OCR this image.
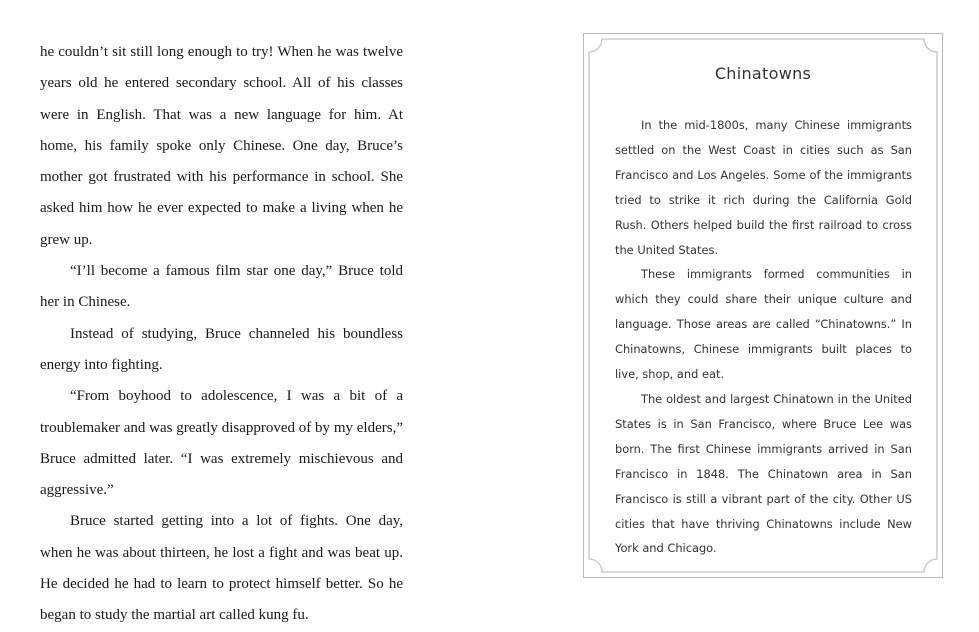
he couldn’t sit still long enough to try! When he was twelve years old he entered secondary school. All of his classes were in English. That was a new language for him. At home, his family spoke only Chinese. One day, Bruce’s mother got frustrated with his performance in school. She asked him how he ever expected to make a living when he grew up.

“I’ll become a famous film star one day,” Bruce told her in Chinese.

Instead of studying, Bruce channeled his boundless energy into fighting.

“From boyhood to adolescence, I was a bit of a troublemaker and was greatly disapproved of by my elders,” Bruce admitted later. “I was extremely mischievous and aggressive.”

Bruce started getting into a lot of fights. One day, when he was about thirteen, he lost a fight and was beat up. He decided he had to learn to protect himself better. So he began to study the martial art called kung fu.

Chinatowns

In the mid-1800s, many Chinese immigrants settled on the West Coast in cities such as San Francisco and Los Angeles. Some of the immigrants tried to strike it rich during the California Gold Rush. Others helped build the first railroad to cross the United States.

These immigrants formed communities in which they could share their unique culture and language. Those areas are called “Chinatowns.” In Chinatowns, Chinese immigrants built places to live, shop, and eat.

The oldest and largest Chinatown in the United States is in San Francisco, where Bruce Lee was born. The first Chinese immigrants arrived in San Francisco in 1848. The Chinatown area in San Francisco is still a vibrant part of the city. Other US cities that have thriving Chinatowns include New York and Chicago.
